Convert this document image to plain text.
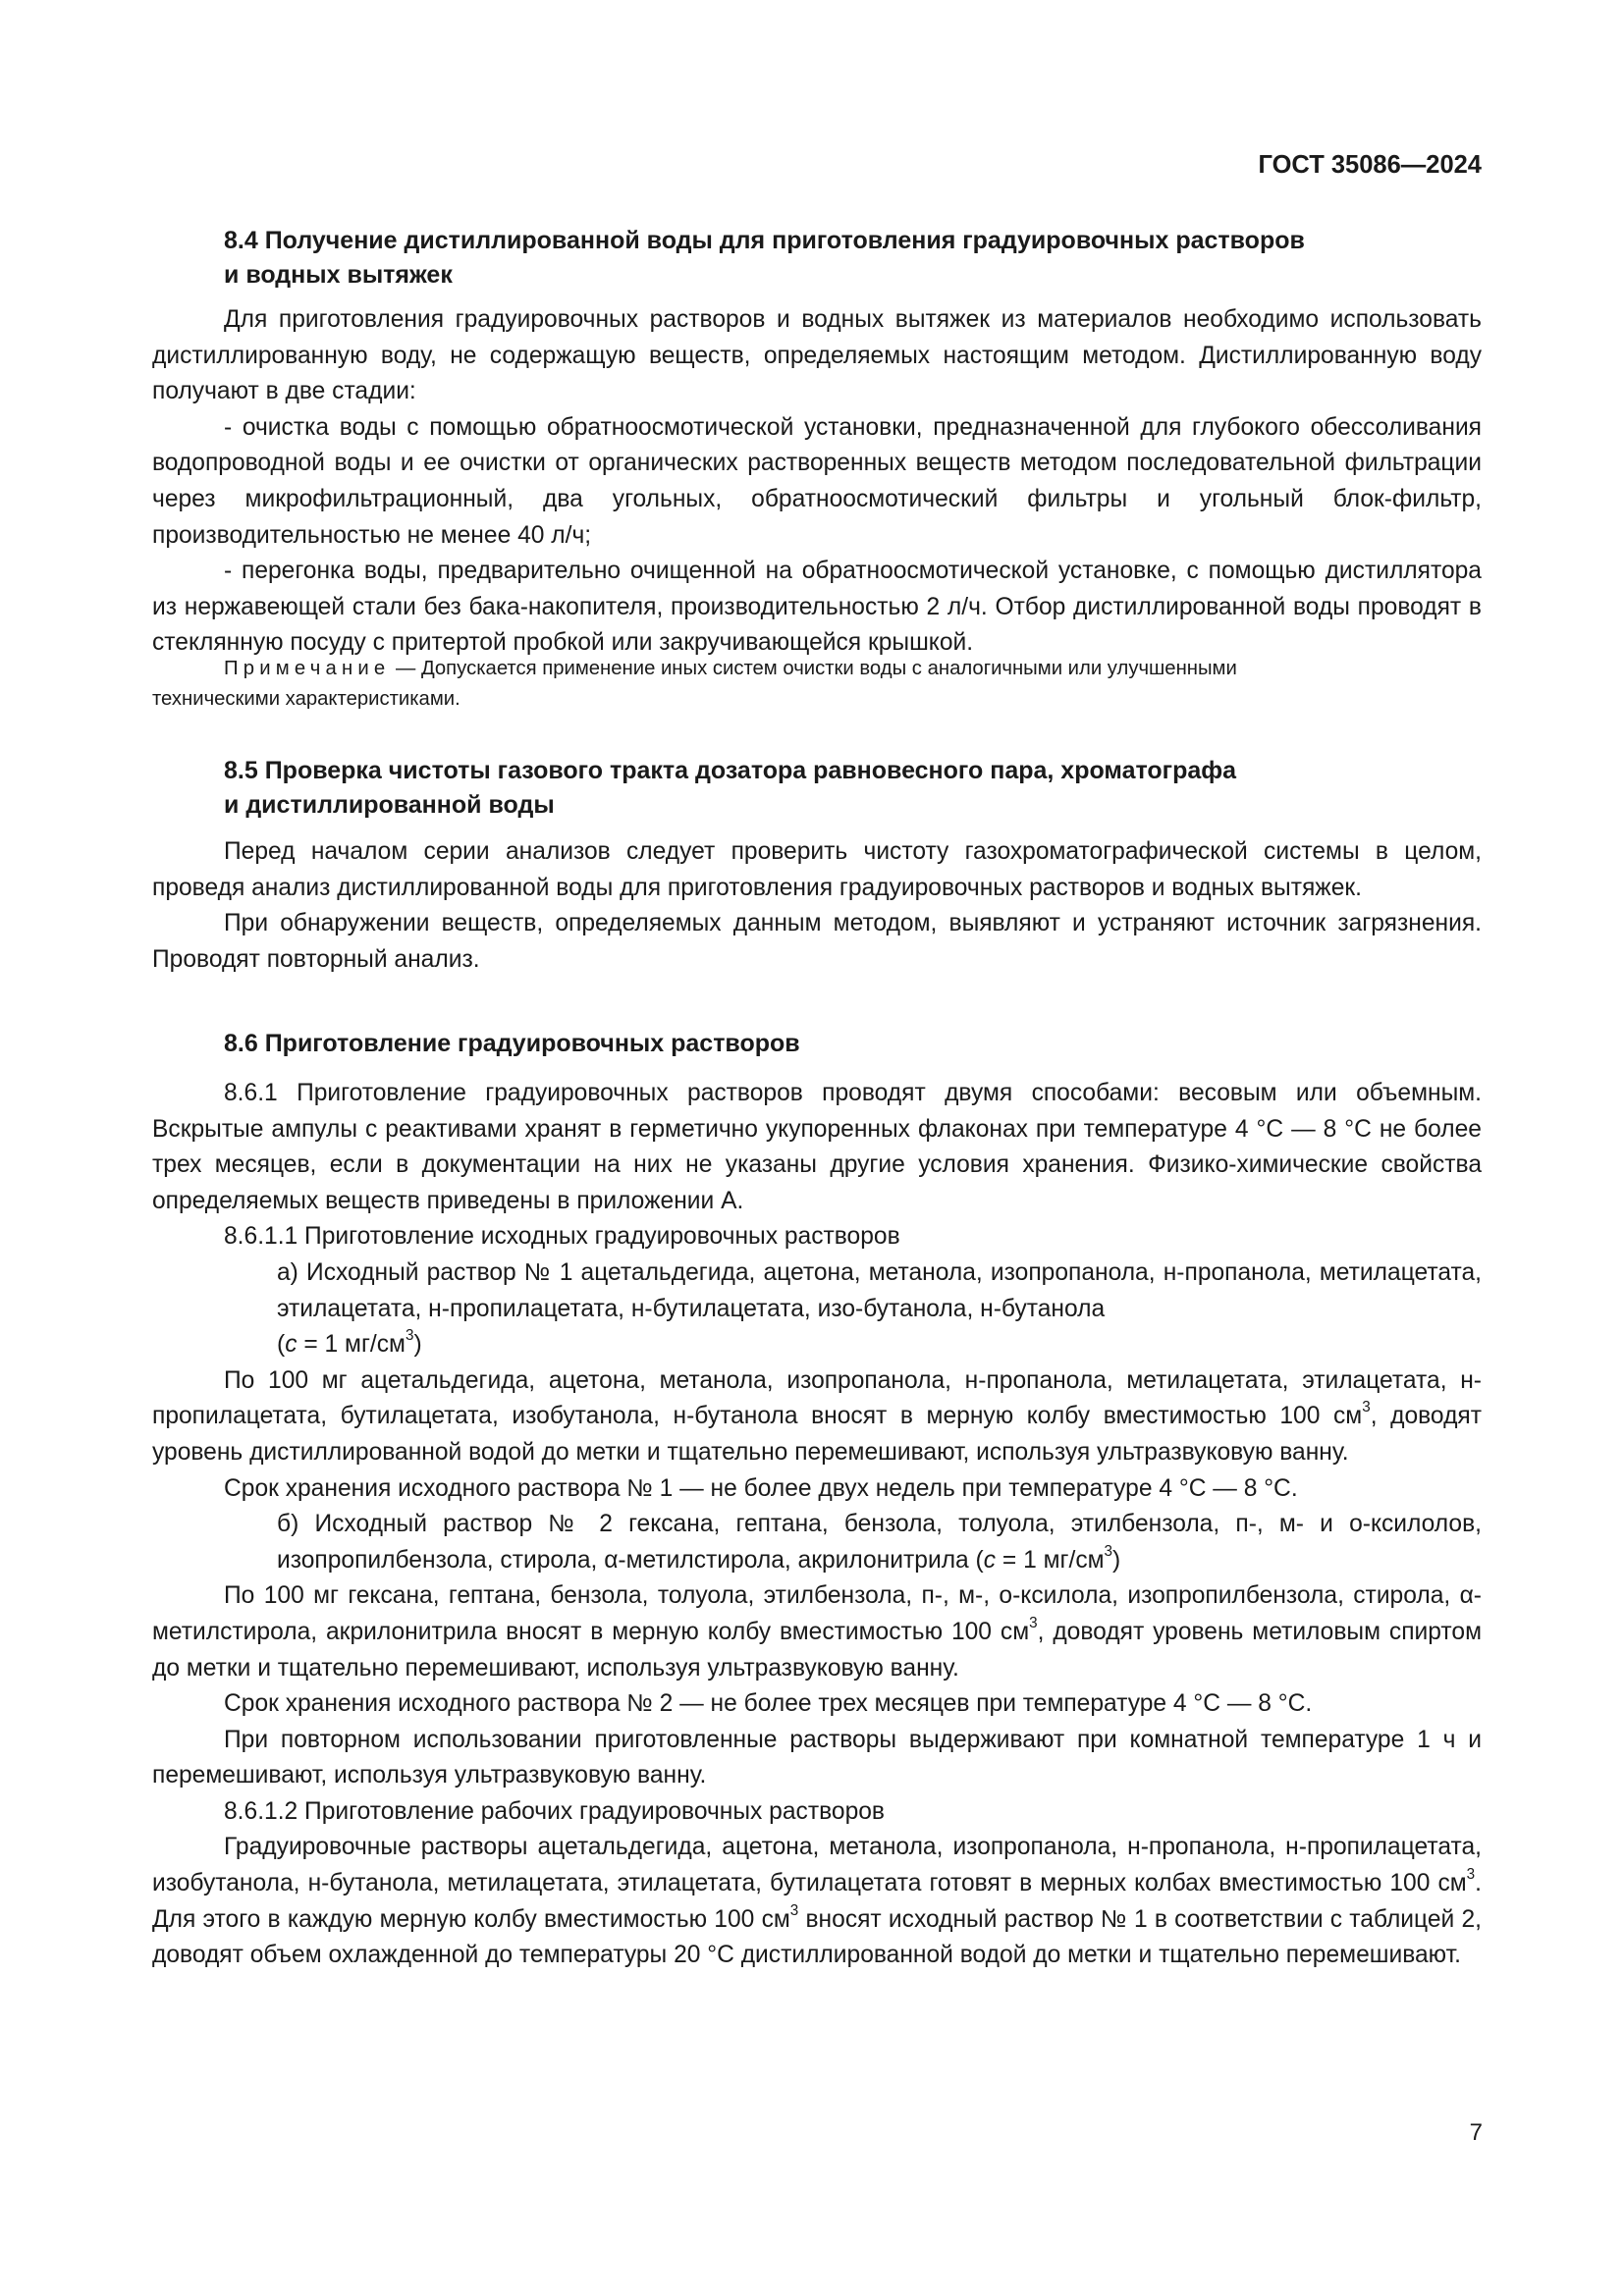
ГОСТ 35086—2024

8.4 Получение дистиллированной воды для приготовления градуировочных растворов
и водных вытяжек

Для приготовления градуировочных растворов и водных вытяжек из материалов необходимо использовать дистиллированную воду, не содержащую веществ, определяемых настоящим методом. Дистиллированную воду получают в две стадии:

- очистка воды с помощью обратноосмотической установки, предназначенной для глубокого обессоливания водопроводной воды и ее очистки от органических растворенных веществ методом последовательной фильтрации через микрофильтрационный, два угольных, обратноосмотический фильтры и угольный блок-фильтр, производительностью не менее 40 л/ч;

- перегонка воды, предварительно очищенной на обратноосмотической установке, с помощью дистиллятора из нержавеющей стали без бака-накопителя, производительностью 2 л/ч. Отбор дистиллированной воды проводят в стеклянную посуду с притертой пробкой или закручивающейся крышкой.

Примечание — Допускается применение иных систем очистки воды с аналогичными или улучшенными

техническими характеристиками.

8.5 Проверка чистоты газового тракта дозатора равновесного пара, хроматографа
и дистиллированной воды

Перед началом серии анализов следует проверить чистоту газохроматографической системы в целом, проведя анализ дистиллированной воды для приготовления градуировочных растворов и водных вытяжек.

При обнаружении веществ, определяемых данным методом, выявляют и устраняют источник загрязнения. Проводят повторный анализ.

8.6 Приготовление градуировочных растворов

8.6.1 Приготовление градуировочных растворов проводят двумя способами: весовым или объемным. Вскрытые ампулы с реактивами хранят в герметично укупоренных флаконах при температуре 4 °С — 8 °С не более трех месяцев, если в документации на них не указаны другие условия хранения. Физико-химические свойства определяемых веществ приведены в приложении А.

8.6.1.1 Приготовление исходных градуировочных растворов

а) Исходный раствор № 1 ацетальдегида, ацетона, метанола, изопропанола, н-пропанола, метилацетата, этилацетата, н-пропилацетата, н-бутилацетата, изо-бутанола, н-бутанола
(с = 1 $мг/см^3$)

По 100 мг ацетальдегида, ацетона, метанола, изопропанола, н-пропанола, метилацетата, этилацетата, н-пропилацетата, бутилацетата, изобутанола, н-бутанола вносят в мерную колбу вместимостью 100 $см^3$, доводят уровень дистиллированной водой до метки и тщательно перемешивают, используя ультразвуковую ванну.

Срок хранения исходного раствора № 1 — не более двух недель при температуре 4 °С — 8 °С.

б) Исходный раствор № 2 гексана, гептана, бензола, толуола, этилбензола, п-, м- и о-ксилолов, изопропилбензола, стирола, α-метилстирола, акрилонитрила (с = 1 $мг/см^3$)

По 100 мг гексана, гептана, бензола, толуола, этилбензола, п-, м-, о-ксилола, изопропилбензола, стирола, α-метилстирола, акрилонитрила вносят в мерную колбу вместимостью 100 $см^3$, доводят уровень метиловым спиртом до метки и тщательно перемешивают, используя ультразвуковую ванну.

Срок хранения исходного раствора № 2 — не более трех месяцев при температуре 4 °С — 8 °С.

При повторном использовании приготовленные растворы выдерживают при комнатной температуре 1 ч и перемешивают, используя ультразвуковую ванну.

8.6.1.2 Приготовление рабочих градуировочных растворов

Градуировочные растворы ацетальдегида, ацетона, метанола, изопропанола, н-пропанола, н-пропилацетата, изобутанола, н-бутанола, метилацетата, этилацетата, бутилацетата готовят в мерных колбах вместимостью 100 $см^3$. Для этого в каждую мерную колбу вместимостью 100 $см^3$ вносят исходный раствор № 1 в соответствии с таблицей 2, доводят объем охлажденной до температуры 20 °С дистиллированной водой до метки и тщательно перемешивают.

7
